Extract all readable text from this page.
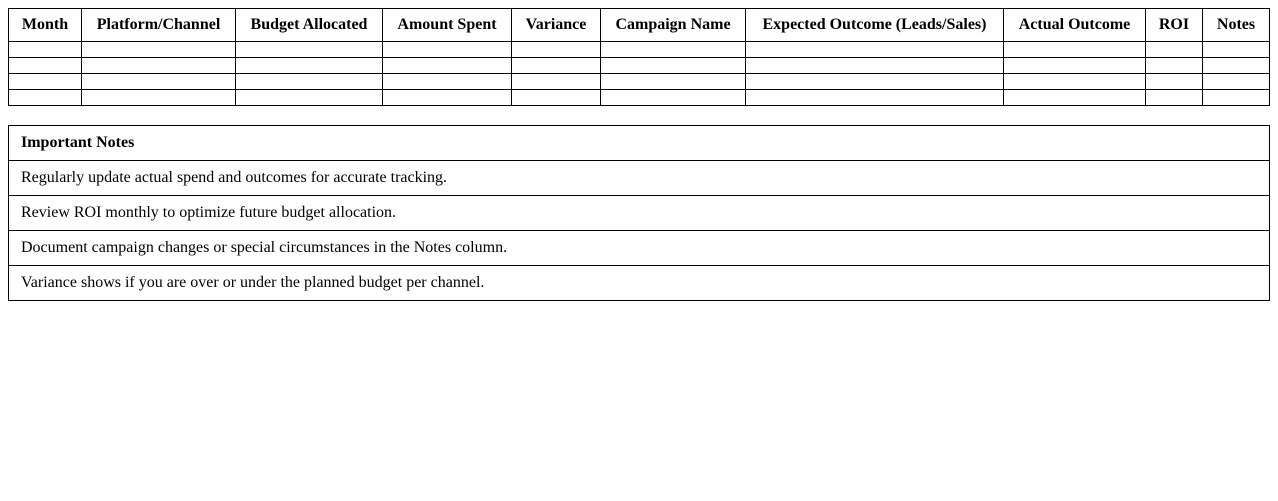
Month	Platform/Channel	Budget Allocated	Amount Spent	Variance	Campaign Name	Expected Outcome (Leads/Sales)	Actual Outcome	ROI	Notes

Important Notes
Regularly update actual spend and outcomes for accurate tracking.
Review ROI monthly to optimize future budget allocation.
Document campaign changes or special circumstances in the Notes column.
Variance shows if you are over or under the planned budget per channel.
